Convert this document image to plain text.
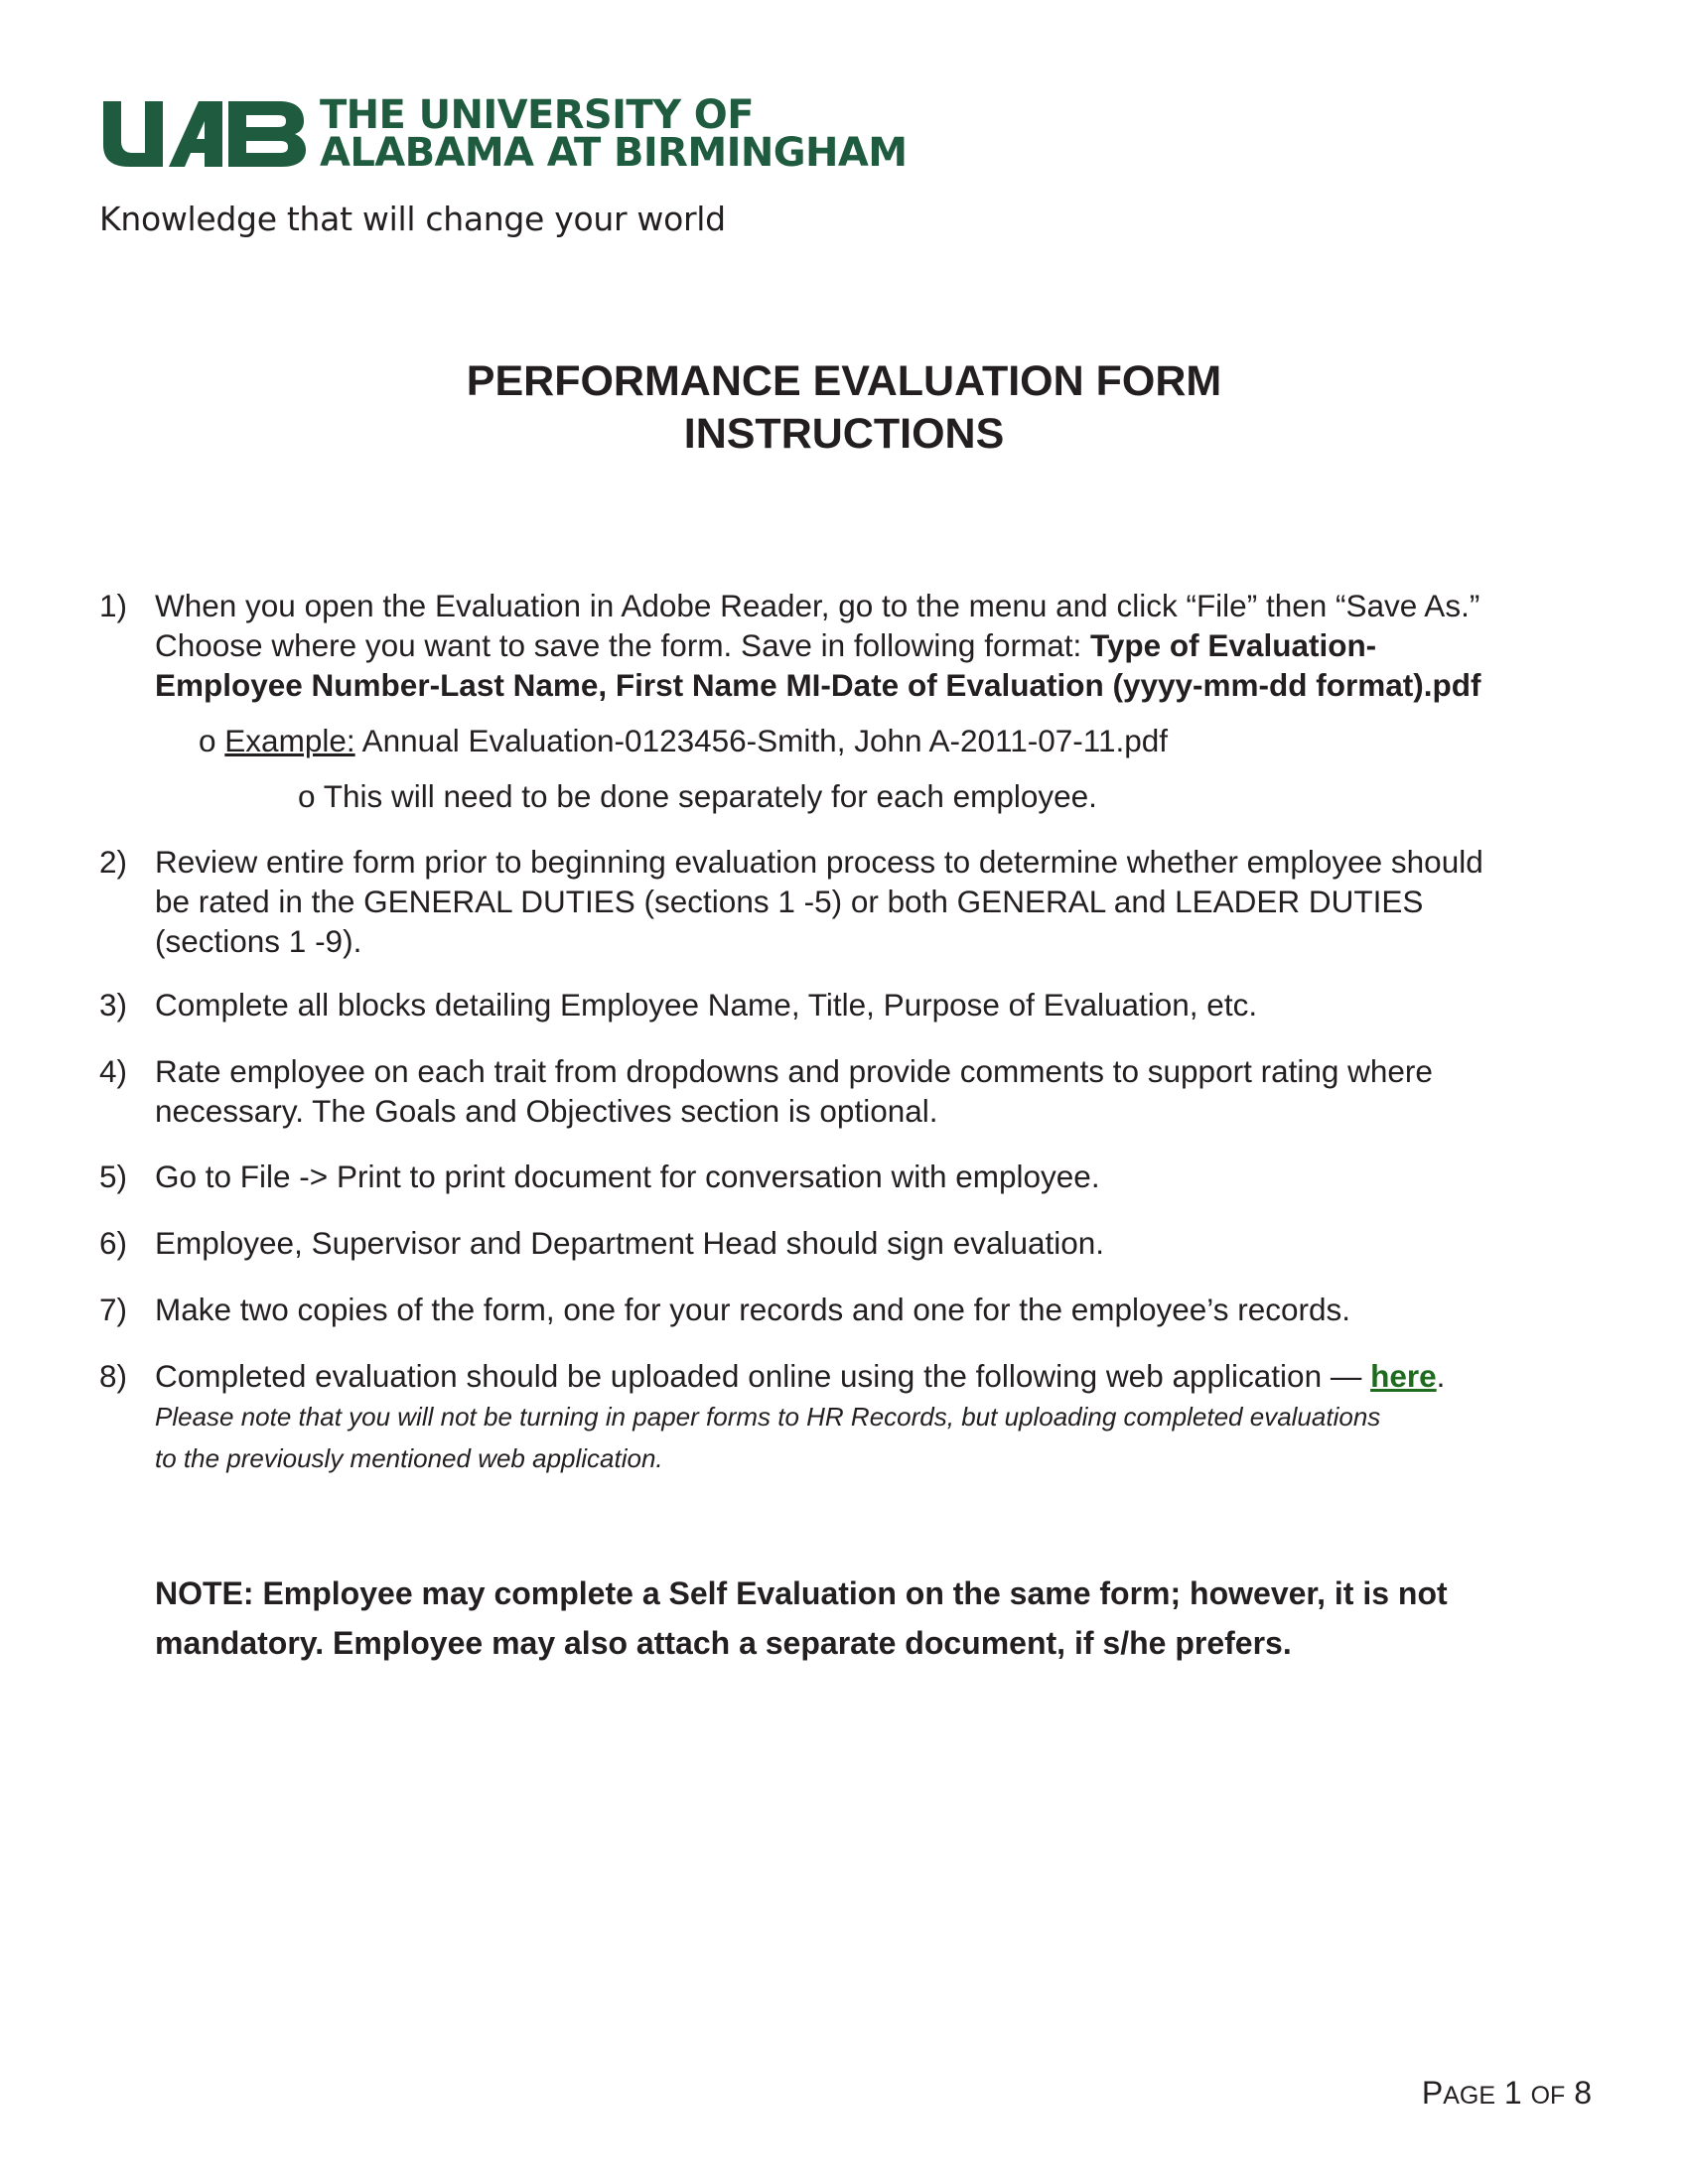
THE UNIVERSITY OF
ALABAMA AT BIRMINGHAM
Knowledge that will change your world
PERFORMANCE EVALUATION FORM
INSTRUCTIONS
1) When you open the Evaluation in Adobe Reader, go to the menu and click “File” then “Save As.”
Choose where you want to save the form. Save in following format: Type of Evaluation-
Employee Number-Last Name, First Name MI-Date of Evaluation (yyyy-mm-dd format).pdf
o Example: Annual Evaluation-0123456-Smith, John A-2011-07-11.pdf
o This will need to be done separately for each employee.
2) Review entire form prior to beginning evaluation process to determine whether employee should
be rated in the GENERAL DUTIES (sections 1 -5) or both GENERAL and LEADER DUTIES
(sections 1 -9).
3) Complete all blocks detailing Employee Name, Title, Purpose of Evaluation, etc.
4) Rate employee on each trait from dropdowns and provide comments to support rating where
necessary. The Goals and Objectives section is optional.
5) Go to File -> Print to print document for conversation with employee.
6) Employee, Supervisor and Department Head should sign evaluation.
7) Make two copies of the form, one for your records and one for the employee’s records.
8) Completed evaluation should be uploaded online using the following web application — here.
Please note that you will not be turning in paper forms to HR Records, but uploading completed evaluations
to the previously mentioned web application.
NOTE: Employee may complete a Self Evaluation on the same form; however, it is not
mandatory. Employee may also attach a separate document, if s/he prefers.
PAGE 1 OF 8
